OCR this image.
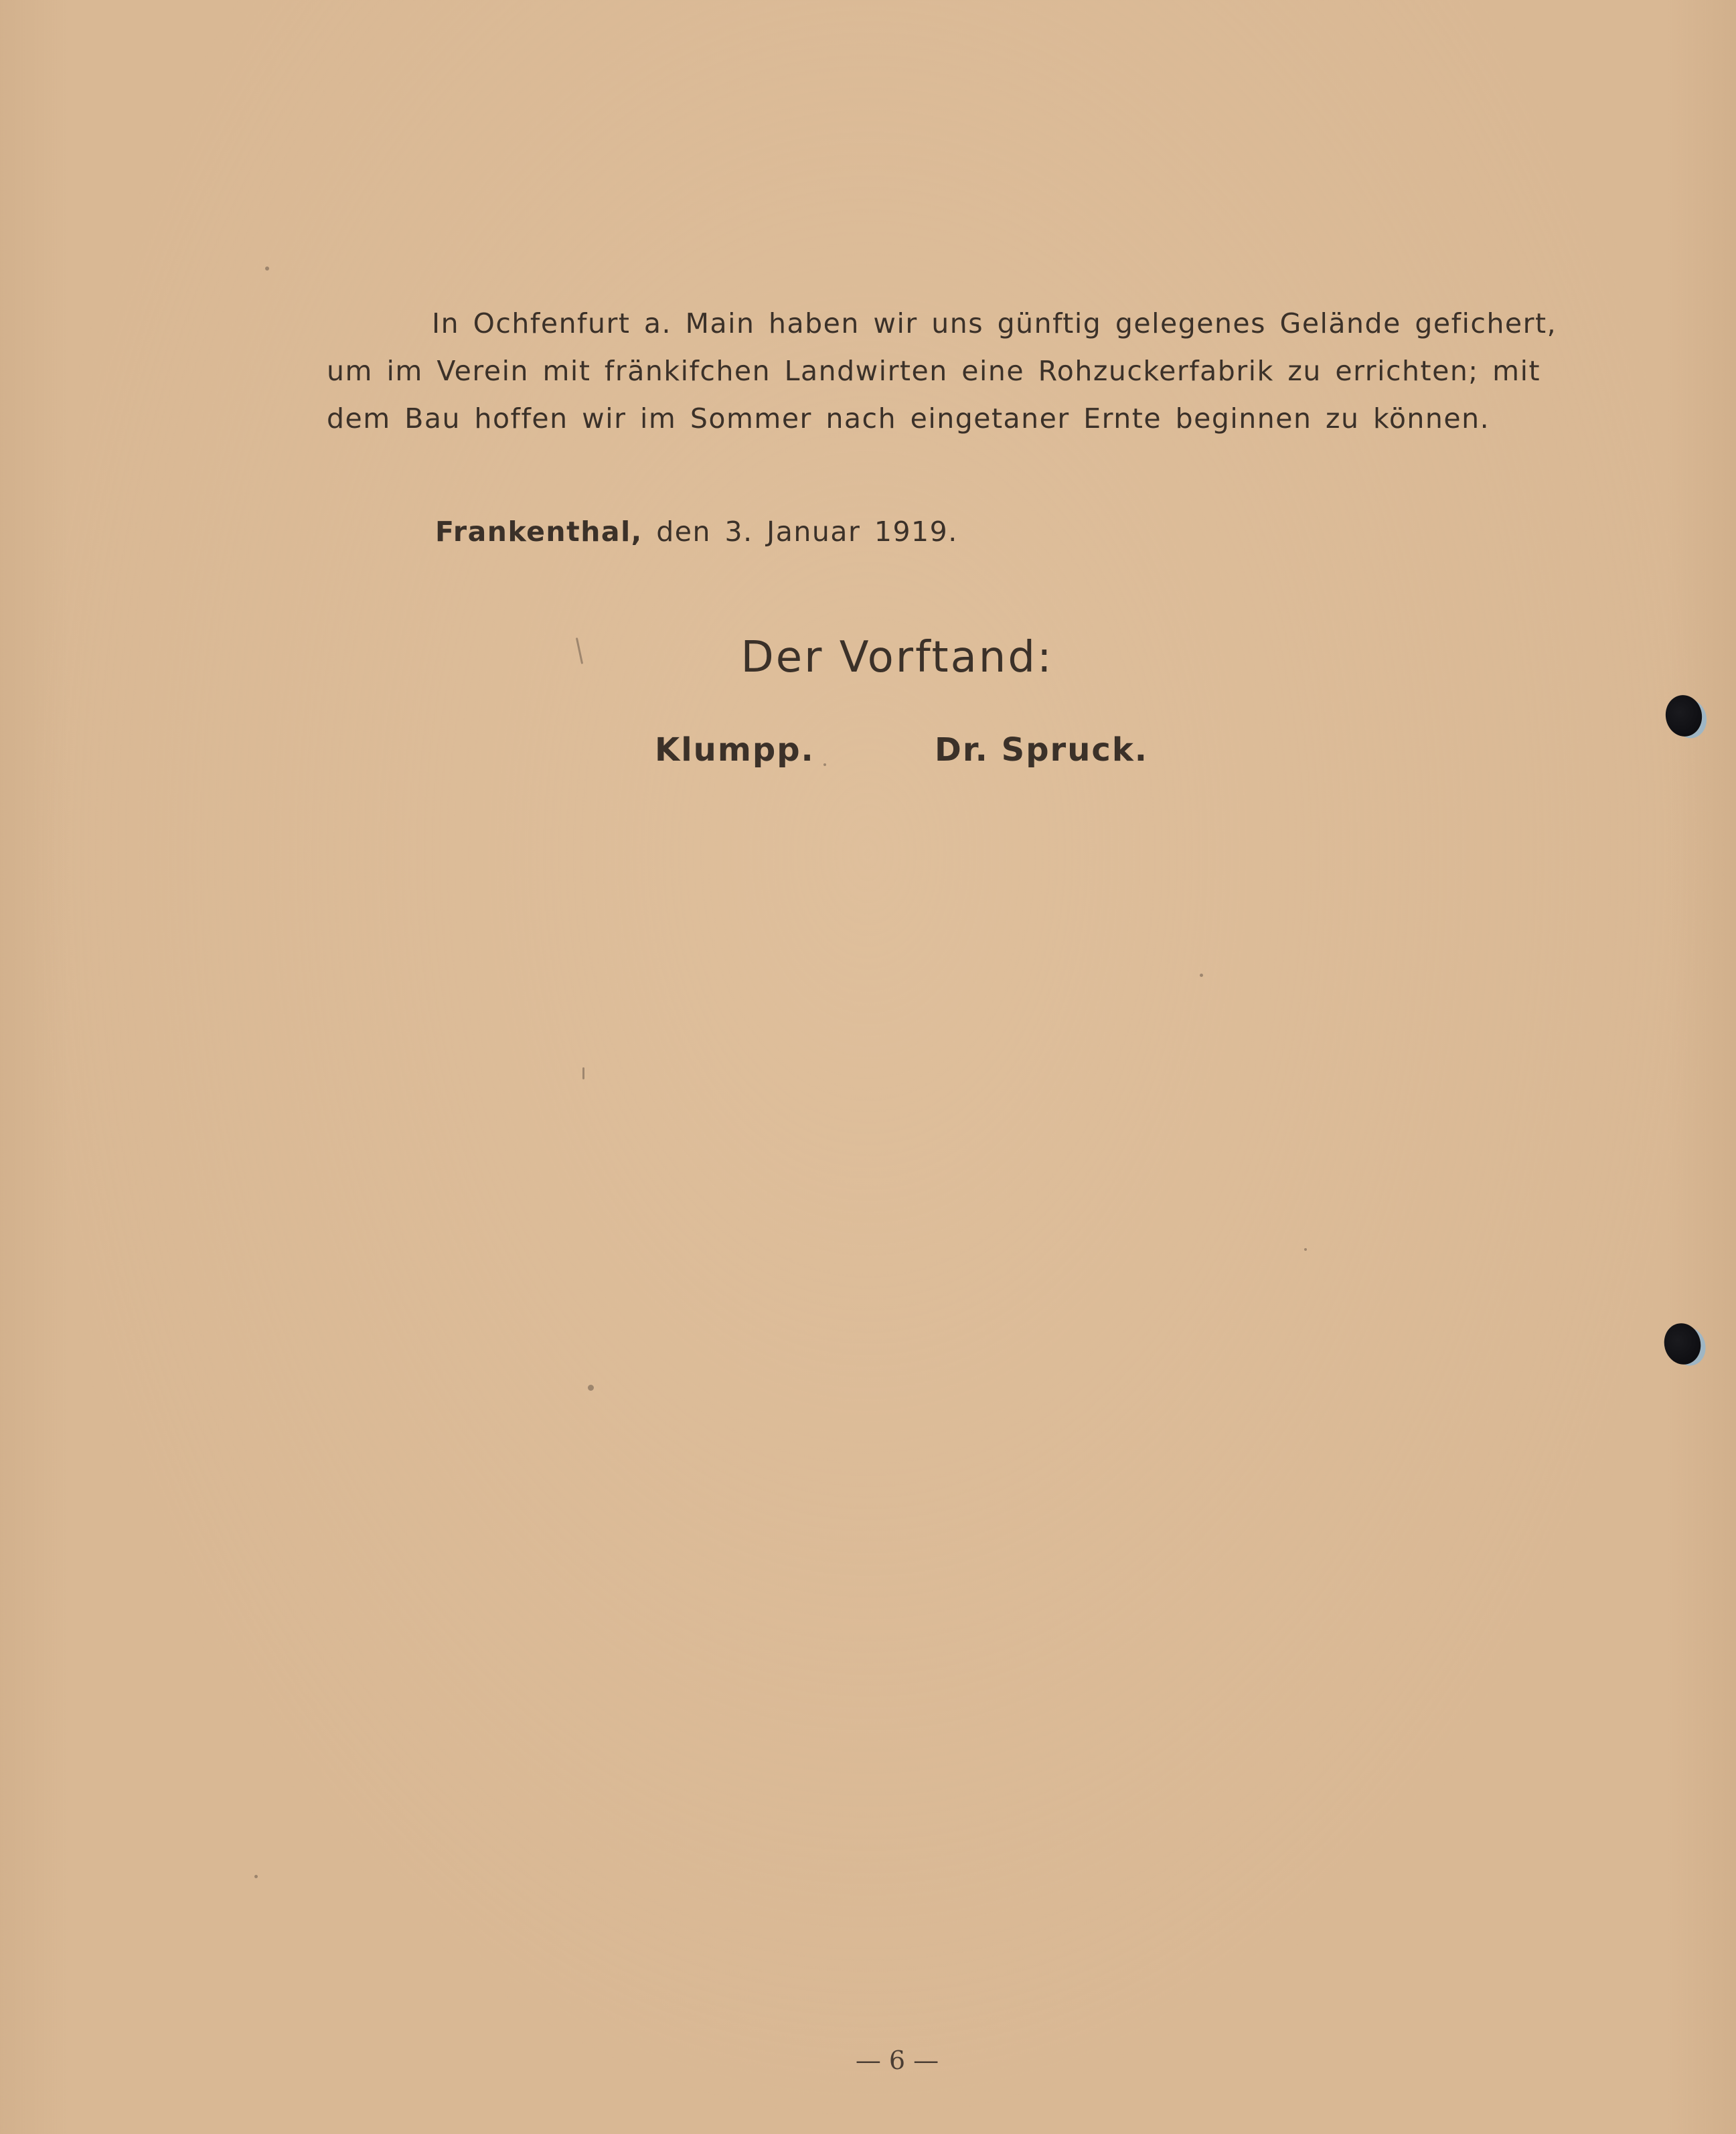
In Ochfenfurt a. Main haben wir uns günftig gelegenes Gelände gefichert,
um im Verein mit fränkifchen Landwirten eine Rohzuckerfabrik zu errichten; mit
dem Bau hoffen wir im Sommer nach eingetaner Ernte beginnen zu können.
Frankenthal, den 3. Januar 1919.
Der Vorftand:
Klumpp.	Dr. Spruck.
— 6 —
